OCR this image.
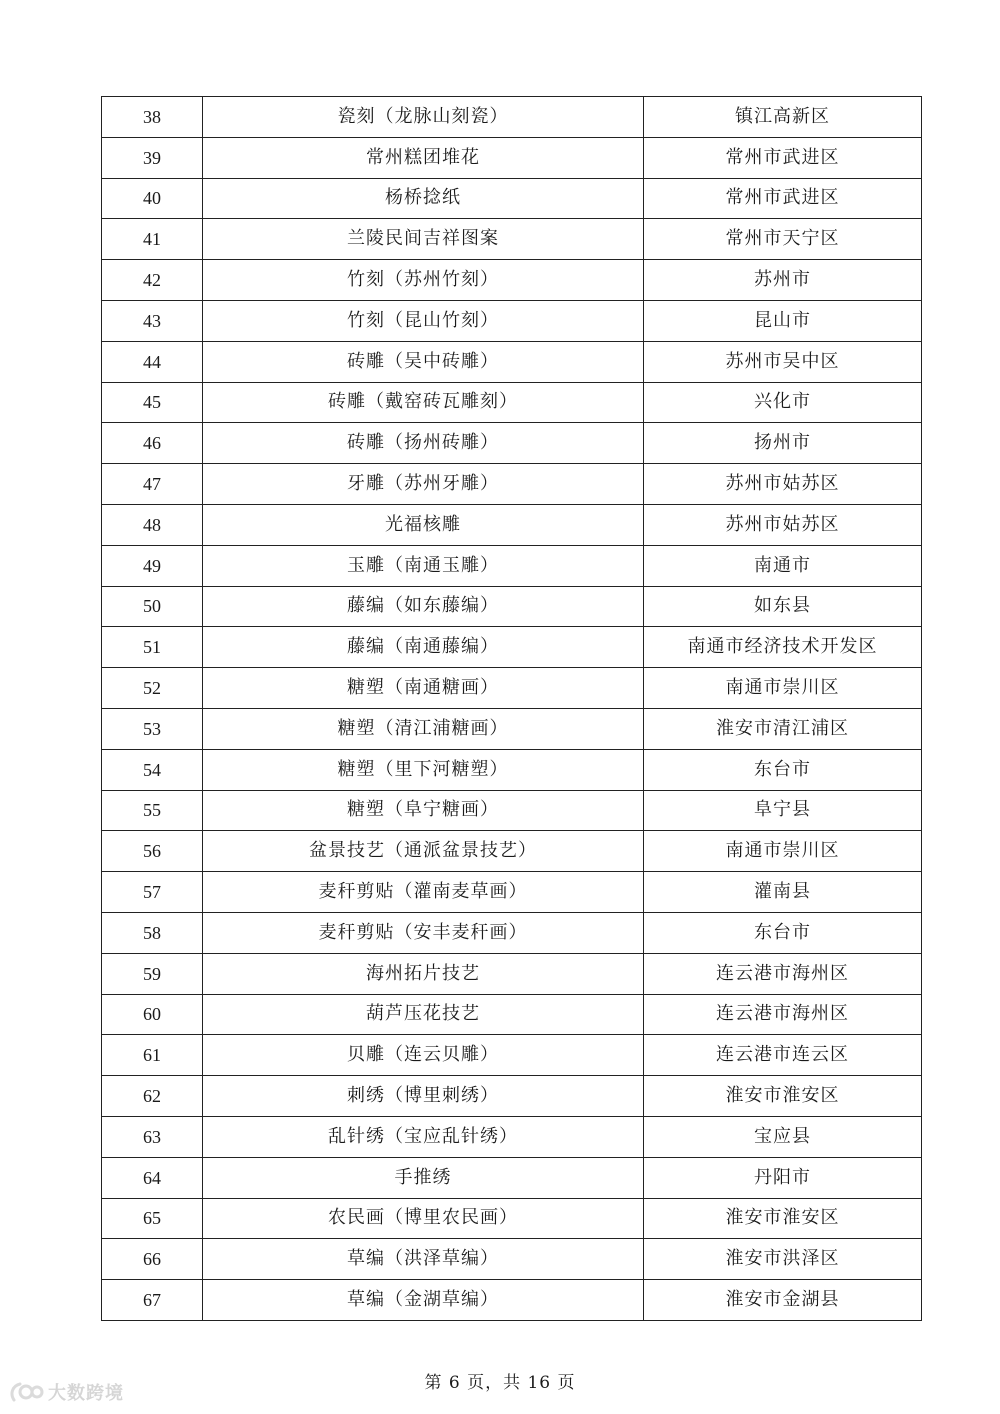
38	瓷刻（龙脉山刻瓷）	镇江高新区
39	常州糕团堆花	常州市武进区
40	杨桥捻纸	常州市武进区
41	兰陵民间吉祥图案	常州市天宁区
42	竹刻（苏州竹刻）	苏州市
43	竹刻（昆山竹刻）	昆山市
44	砖雕（吴中砖雕）	苏州市吴中区
45	砖雕（戴窑砖瓦雕刻）	兴化市
46	砖雕（扬州砖雕）	扬州市
47	牙雕（苏州牙雕）	苏州市姑苏区
48	光福核雕	苏州市姑苏区
49	玉雕（南通玉雕）	南通市
50	藤编（如东藤编）	如东县
51	藤编（南通藤编）	南通市经济技术开发区
52	糖塑（南通糖画）	南通市崇川区
53	糖塑（清江浦糖画）	淮安市清江浦区
54	糖塑（里下河糖塑）	东台市
55	糖塑（阜宁糖画）	阜宁县
56	盆景技艺（通派盆景技艺）	南通市崇川区
57	麦秆剪贴（灌南麦草画）	灌南县
58	麦秆剪贴（安丰麦秆画）	东台市
59	海州拓片技艺	连云港市海州区
60	葫芦压花技艺	连云港市海州区
61	贝雕（连云贝雕）	连云港市连云区
62	刺绣（博里刺绣）	淮安市淮安区
63	乱针绣（宝应乱针绣）	宝应县
64	手推绣	丹阳市
65	农民画（博里农民画）	淮安市淮安区
66	草编（洪泽草编）	淮安市洪泽区
67	草编（金湖草编）	淮安市金湖县
第 6 页，共 16 页
大数跨境
